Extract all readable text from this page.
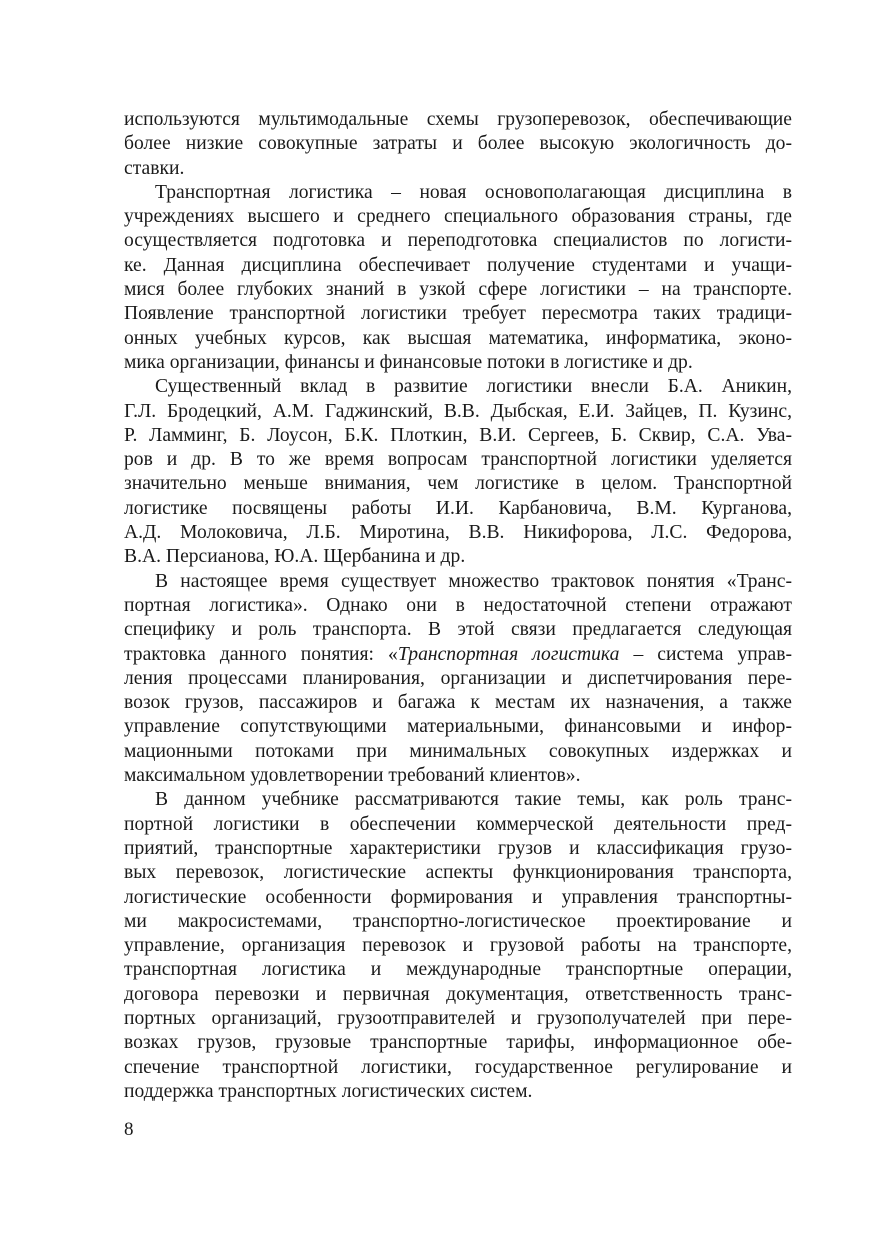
используются мультимодальные схемы грузоперевозок, обеспечивающие
более низкие совокупные затраты и более высокую экологичность до-
ставки.
Транспортная логистика – новая основополагающая дисциплина в
учреждениях высшего и среднего специального образования страны, где
осуществляется подготовка и переподготовка специалистов по логисти-
ке. Данная дисциплина обеспечивает получение студентами и учащи-
мися более глубоких знаний в узкой сфере логистики – на транспорте.
Появление транспортной логистики требует пересмотра таких традици-
онных учебных курсов, как высшая математика, информатика, эконо-
мика организации, финансы и финансовые потоки в логистике и др.
Существенный вклад в развитие логистики внесли Б.А. Аникин,
Г.Л. Бродецкий, А.М. Гаджинский, В.В. Дыбская, Е.И. Зайцев, П. Кузинс,
Р. Ламминг, Б. Лоусон, Б.К. Плоткин, В.И. Сергеев, Б. Сквир, С.А. Ува-
ров и др. В то же время вопросам транспортной логистики уделяется
значительно меньше внимания, чем логистике в целом. Транспортной
логистике посвящены работы И.И. Карбановича, В.М. Курганова,
А.Д. Молоковича, Л.Б. Миротина, В.В. Никифорова, Л.С. Федорова,
В.А. Персианова, Ю.А. Щербанина и др.
В настоящее время существует множество трактовок понятия «Транс-
портная логистика». Однако они в недостаточной степени отражают
специфику и роль транспорта. В этой связи предлагается следующая
трактовка данного понятия: «Транспортная логистика – система управ-
ления процессами планирования, организации и диспетчирования пере-
возок грузов, пассажиров и багажа к местам их назначения, а также
управление сопутствующими материальными, финансовыми и инфор-
мационными потоками при минимальных совокупных издержках и
максимальном удовлетворении требований клиентов».
В данном учебнике рассматриваются такие темы, как роль транс-
портной логистики в обеспечении коммерческой деятельности пред-
приятий, транспортные характеристики грузов и классификация грузо-
вых перевозок, логистические аспекты функционирования транспорта,
логистические особенности формирования и управления транспортны-
ми макросистемами, транспортно-логистическое проектирование и
управление, организация перевозок и грузовой работы на транспорте,
транспортная логистика и международные транспортные операции,
договора перевозки и первичная документация, ответственность транс-
портных организаций, грузоотправителей и грузополучателей при пере-
возках грузов, грузовые транспортные тарифы, информационное обе-
спечение транспортной логистики, государственное регулирование и
поддержка транспортных логистических систем.
8
